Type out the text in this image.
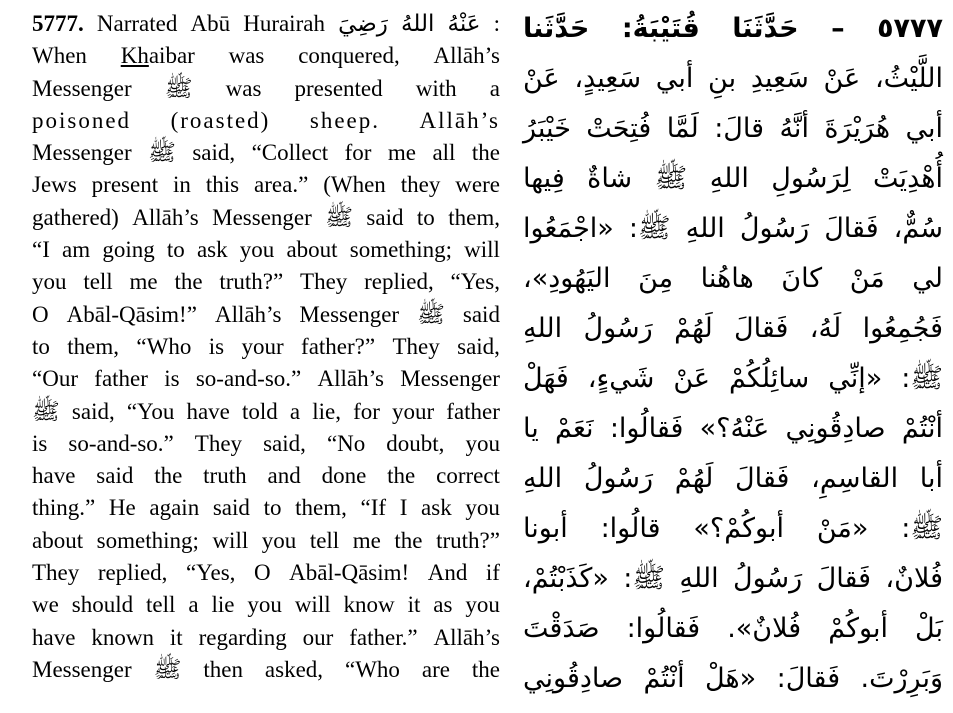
5777. Narrated Abū Hurairah رَضِيَ اللهُ عَنْهُ :
When Khaibar was conquered, Allāh’s
Messenger ﷺ was presented with a
poisoned (roasted) sheep. Allāh’s
Messenger ﷺ said, “Collect for me all the
Jews present in this area.” (When they were
gathered) Allāh’s Messenger ﷺ said to them,
“I am going to ask you about something; will
you tell me the truth?” They replied, “Yes,
O Abāl-Qāsim!” Allāh’s Messenger ﷺ said
to them, “Who is your father?” They said,
“Our father is so-and-so.” Allāh’s Messenger
ﷺ said, “You have told a lie, for your father
is so-and-so.” They said, “No doubt, you
have said the truth and done the correct
thing.” He again said to them, “If I ask you
about something; will you tell me the truth?”
They replied, “Yes, O Abāl-Qāsim! And if
we should tell a lie you will know it as you
have known it regarding our father.” Allāh’s
Messenger ﷺ then asked, “Who are the
٥٧٧٧ – حَدَّثَنَا قُتَيْبَةُ: حَدَّثَنا
اللَّيْثُ، عَنْ سَعِيدِ بنِ أبي سَعِيدٍ، عَنْ
أبي هُرَيْرَةَ أنَّهُ قالَ: لَمَّا فُتِحَتْ خَيْبَرُ
أُهْدِيَتْ لِرَسُولِ اللهِ ﷺ شاةٌ فِيها
سُمٌّ، فَقالَ رَسُولُ اللهِ ﷺ: «اجْمَعُوا
لي مَنْ كانَ هاهُنا مِنَ اليَهُودِ»،
فَجُمِعُوا لَهُ، فَقالَ لَهُمْ رَسُولُ اللهِ
ﷺ: «إنِّي سائِلُكُمْ عَنْ شَيءٍ، فَهَلْ
أنْتُمْ صادِقُونِي عَنْهُ؟» فَقالُوا: نَعَمْ يا
أبا القاسِمِ، فَقالَ لَهُمْ رَسُولُ اللهِ
ﷺ: «مَنْ أبوكُمْ؟» قالُوا: أبونا
فُلانٌ، فَقالَ رَسُولُ اللهِ ﷺ: «كَذَبْتُمْ،
بَلْ أبوكُمْ فُلانٌ». فَقالُوا: صَدَقْتَ
وَبَرِرْتَ. فَقالَ: «هَلْ أنْتُمْ صادِقُونِي
